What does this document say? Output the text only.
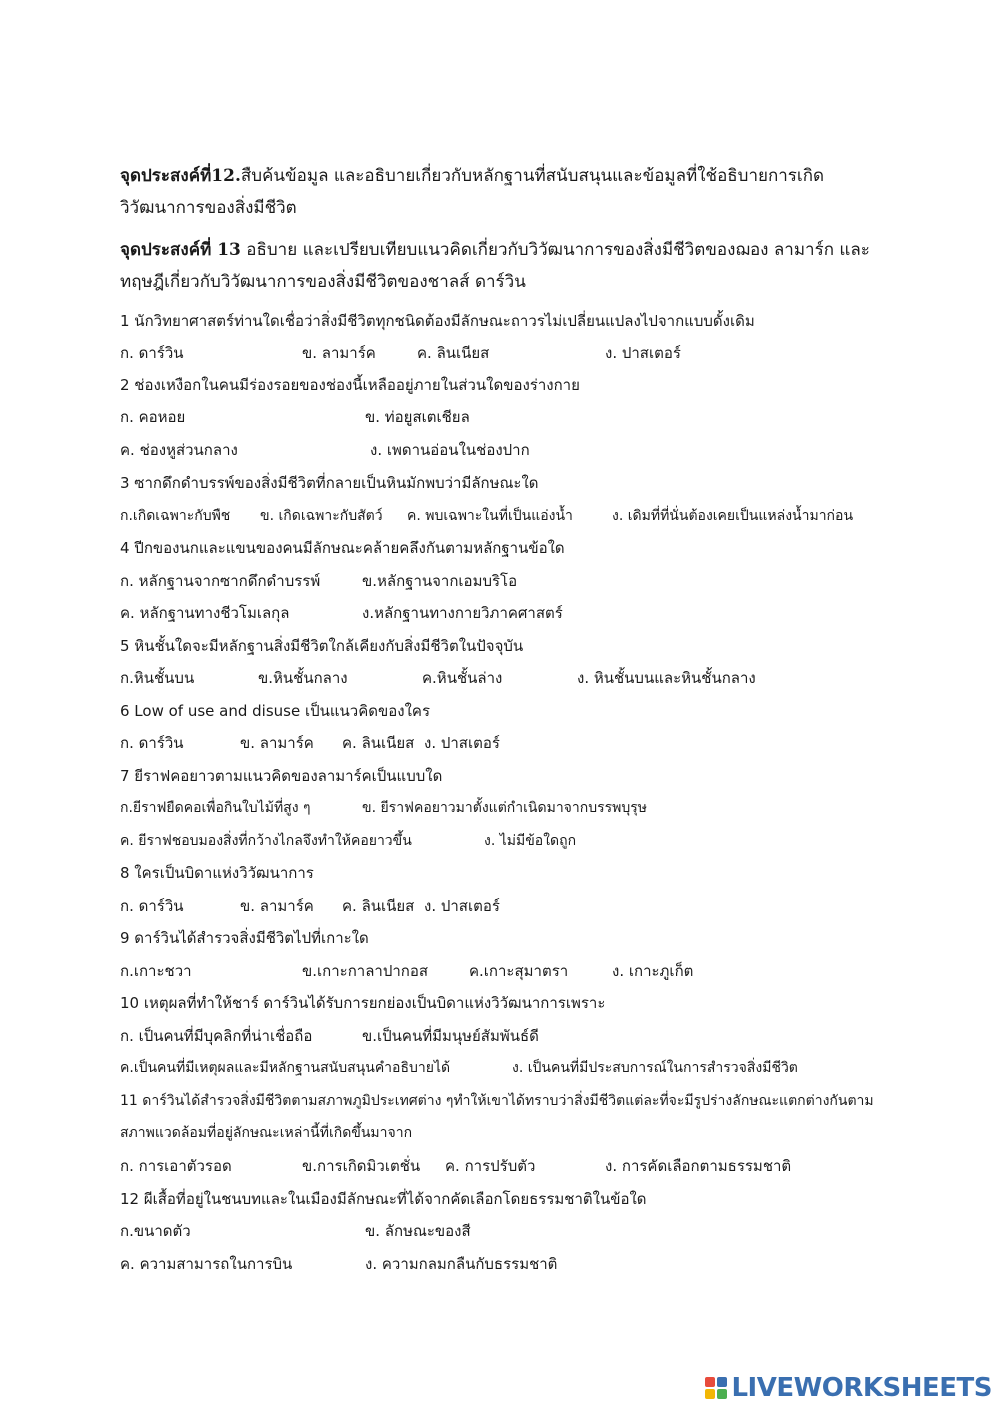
จุดประสงค์ที่12.สืบค้นข้อมูล และอธิบายเกี่ยวกับหลักฐานที่สนับสนุนและข้อมูลที่ใช้อธิบายการเกิดวิวัฒนาการของสิ่งมีชีวิต
จุดประสงค์ที่ 13 อธิบาย และเปรียบเทียบแนวคิดเกี่ยวกับวิวัฒนาการของสิ่งมีชีวิตของฌอง ลามาร์ก และทฤษฎีเกี่ยวกับวิวัฒนาการของสิ่งมีชีวิตของชาลส์ ดาร์วิน
1 นักวิทยาศาสตร์ท่านใดเชื่อว่าสิ่งมีชีวิตทุกชนิดต้องมีลักษณะถาวรไม่เปลี่ยนแปลงไปจากแบบดั้งเดิม
ก. ดาร์วิน	ข. ลามาร์ค	ค. ลินเนียส	ง. ปาสเตอร์
2 ช่องเหงือกในคนมีร่องรอยของช่องนี้เหลืออยู่ภายในส่วนใดของร่างกาย
ก. คอหอย	ข. ท่อยูสเตเชียล
ค. ช่องหูส่วนกลาง	ง. เพดานอ่อนในช่องปาก
3 ซากดึกดำบรรพ์ของสิ่งมีชีวิตที่กลายเป็นหินมักพบว่ามีลักษณะใด
ก.เกิดเฉพาะกับพืช ข. เกิดเฉพาะกับสัตว์ ค. พบเฉพาะในที่เป็นแอ่งน้ำ	ง. เดิมที่ที่นั่นต้องเคยเป็นแหล่งน้ำมาก่อน
4 ปีกของนกและแขนของคนมีลักษณะคล้ายคลึงกันตามหลักฐานข้อใด
ก. หลักฐานจากซากดึกดำบรรพ์	ข.หลักฐานจากเอมบริโอ
ค. หลักฐานทางชีวโมเลกุล	ง.หลักฐานทางกายวิภาคศาสตร์
5 หินชั้นใดจะมีหลักฐานสิ่งมีชีวิตใกล้เคียงกับสิ่งมีชีวิตในปัจจุบัน
ก.หินชั้นบน	ข.หินชั้นกลาง	ค.หินชั้นล่าง	ง. หินชั้นบนและหินชั้นกลาง
6 Low of use and disuse เป็นแนวคิดของใคร
ก. ดาร์วิน	ข. ลามาร์ค ค. ลินเนียส ง. ปาสเตอร์
7 ยีราฟคอยาวตามแนวคิดของลามาร์คเป็นแบบใด
ก.ยีราฟยืดคอเพื่อกินใบไม้ที่สูง ๆ	ข. ยีราฟคอยาวมาตั้งแต่กำเนิดมาจากบรรพบุรุษ
ค. ยีราฟชอบมองสิ่งที่กว้างไกลจึงทำให้คอยาวขึ้น	ง. ไม่มีข้อใดถูก
8 ใครเป็นบิดาแห่งวิวัฒนาการ
ก. ดาร์วิน	ข. ลามาร์ค ค. ลินเนียส ง. ปาสเตอร์
9 ดาร์วินได้สำรวจสิ่งมีชีวิตไปที่เกาะใด
ก.เกาะชวา	ข.เกาะกาลาปากอส	ค.เกาะสุมาตรา	ง. เกาะภูเก็ต
10 เหตุผลที่ทำให้ชาร์ ดาร์วินได้รับการยกย่องเป็นบิดาแห่งวิวัฒนาการเพราะ
ก. เป็นคนที่มีบุคลิกที่น่าเชื่อถือ	ข.เป็นคนที่มีมนุษย์สัมพันธ์ดี
ค.เป็นคนที่มีเหตุผลและมีหลักฐานสนับสนุนคำอธิบายได้	ง. เป็นคนที่มีประสบการณ์ในการสำรวจสิ่งมีชีวิต
11 ดาร์วินได้สำรวจสิ่งมีชีวิตตามสภาพภูมิประเทศต่าง ๆทำให้เขาได้ทราบว่าสิ่งมีชีวิตแต่ละที่จะมีรูปร่างลักษณะแตกต่างกันตามสภาพแวดล้อมที่อยู่ลักษณะเหล่านี้ที่เกิดขึ้นมาจาก
ก. การเอาตัวรอด	ข.การเกิดมิวเตชั่น ค. การปรับตัว	ง. การคัดเลือกตามธรรมชาติ
12 ผีเสื้อที่อยู่ในชนบทและในเมืองมีลักษณะที่ได้จากคัดเลือกโดยธรรมชาติในข้อใด
ก.ขนาดตัว	ข. ลักษณะของสี
ค. ความสามารถในการบิน	ง. ความกลมกลืนกับธรรมชาติ
LIVEWORKSHEETS
